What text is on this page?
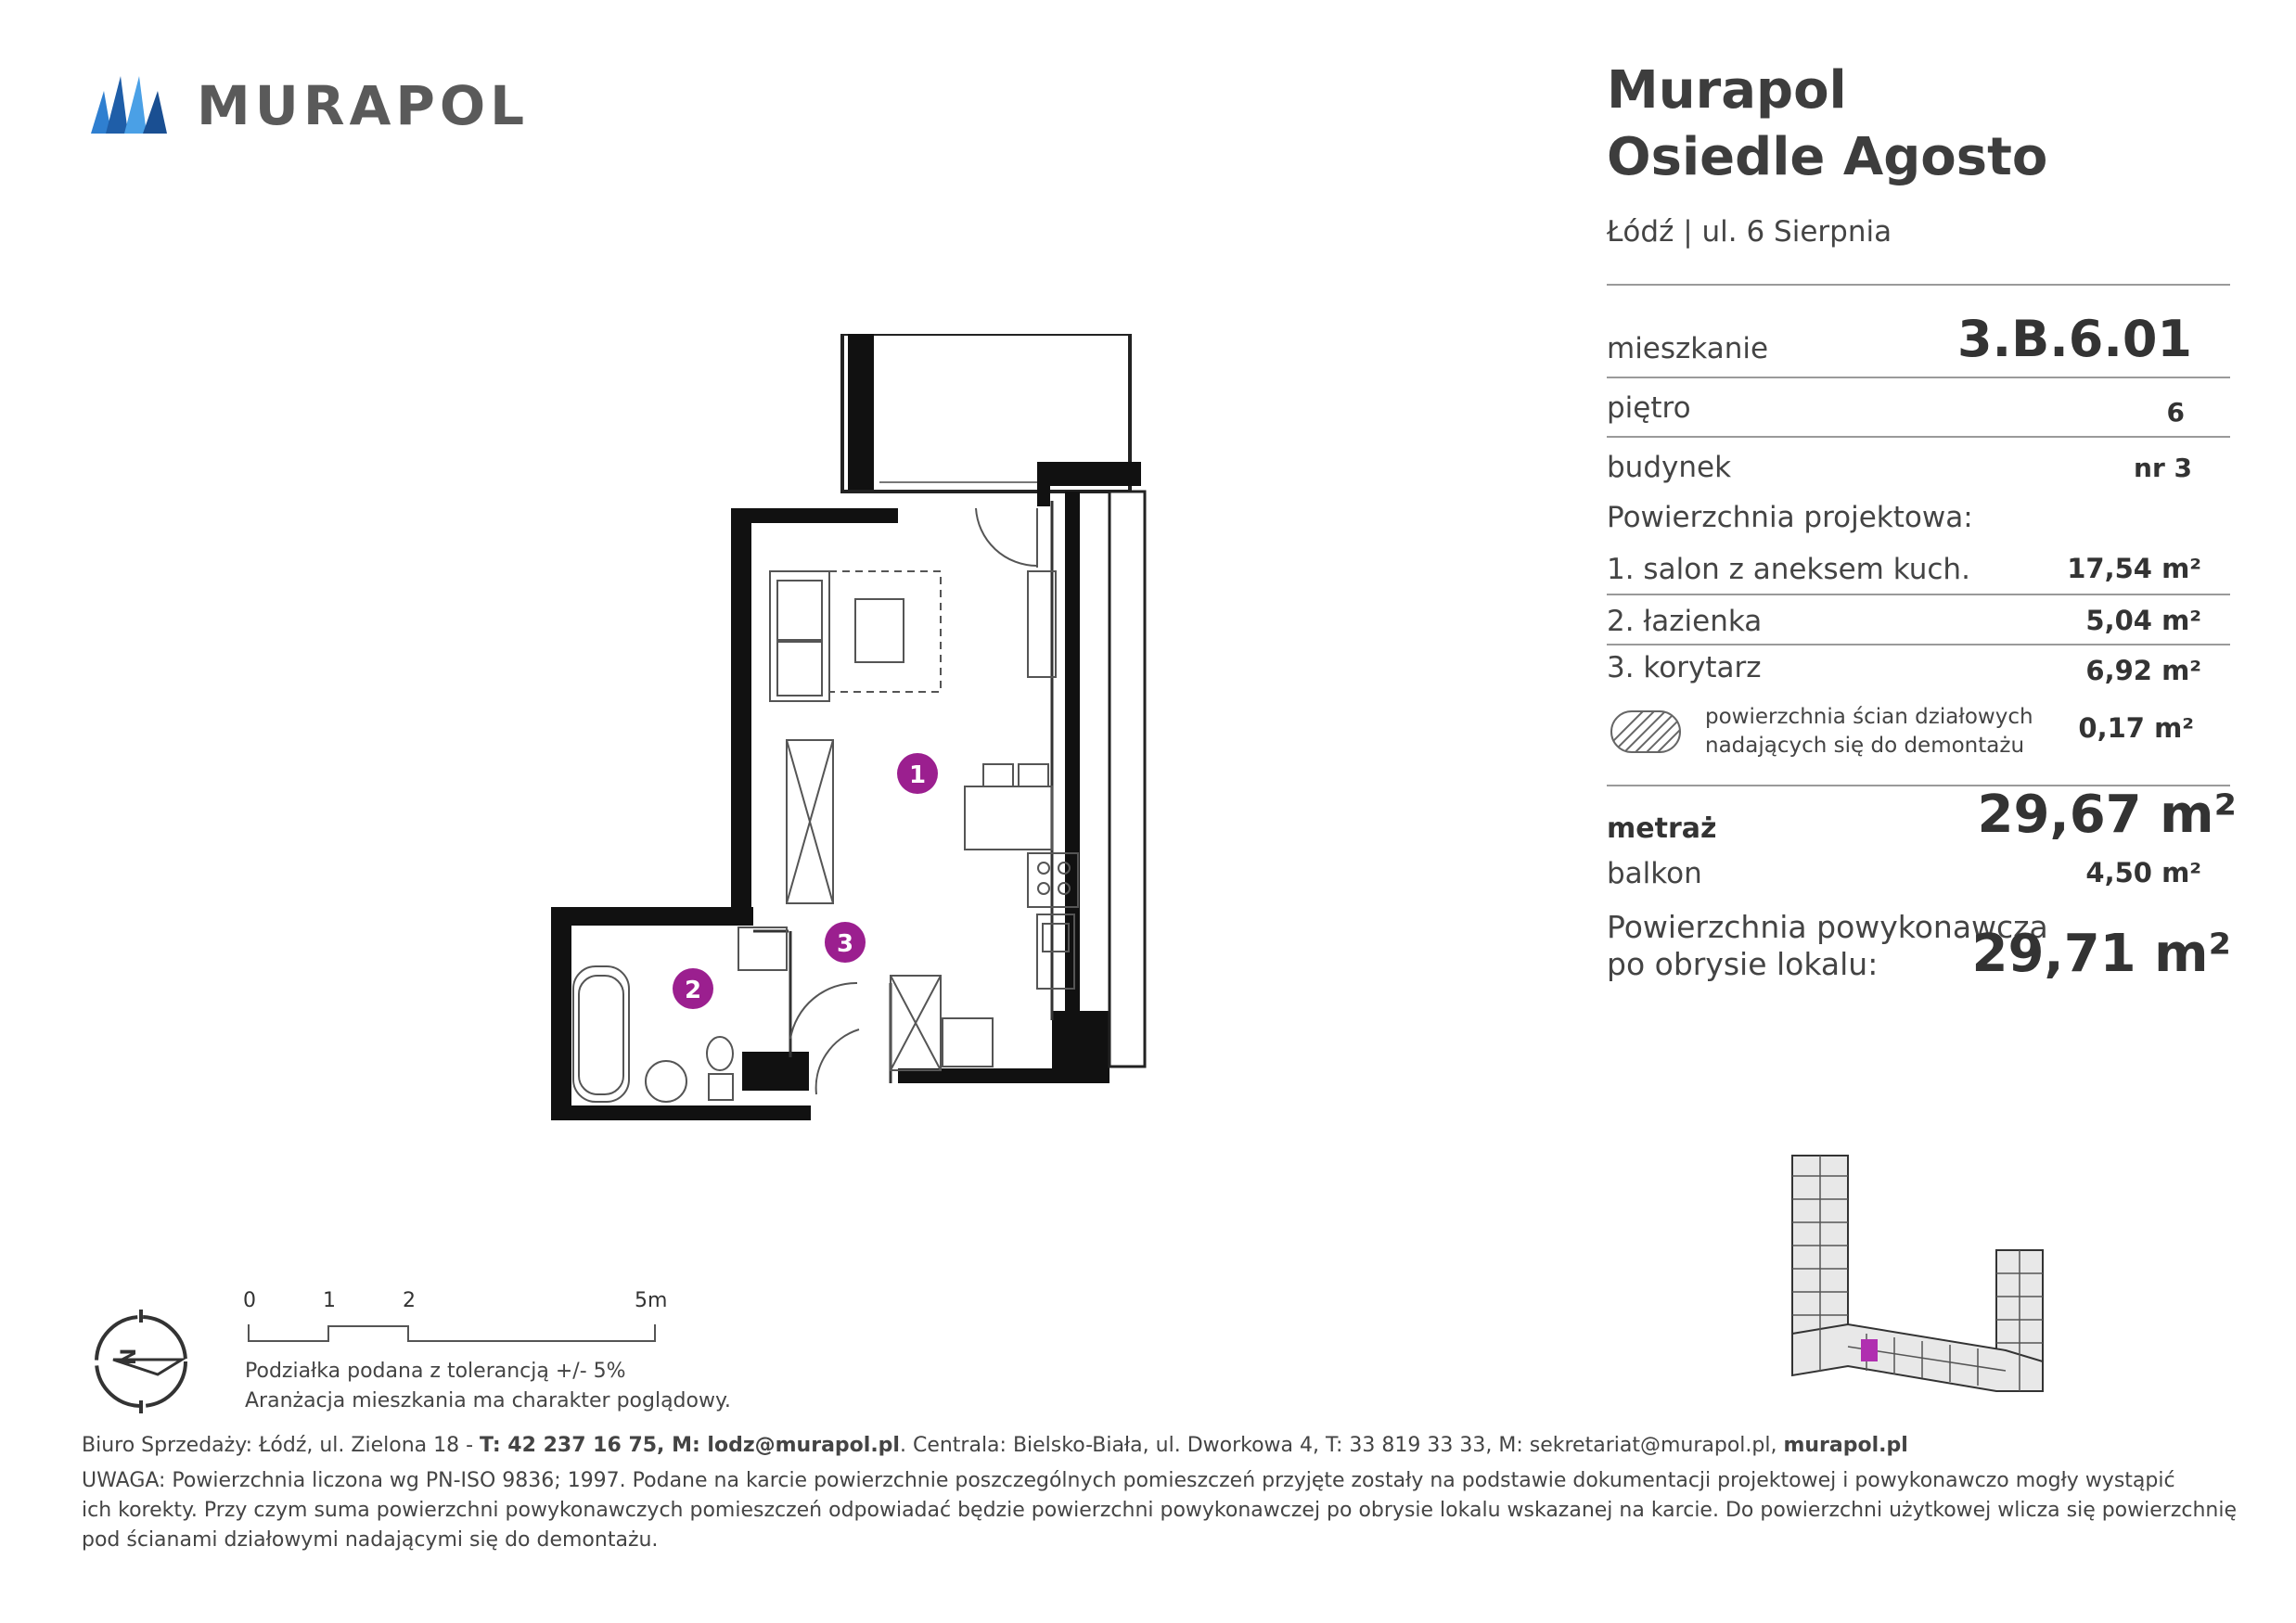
MURAPOL	Murapol
Osiedle Agosto
Łódź | ul. 6 Sierpnia
mieszkanie	3.B.6.01
piętro	6
budynek	nr 3
Powierzchnia projektowa:
1. salon z aneksem kuch.	17,54 m²
2. łazienka	5,04 m²
3. korytarz	6,92 m²
powierzchnia ścian działowych
nadających się do demontażu
0,17 m²
metraż	29,67 m²
balkon	4,50 m²
Powierzchnia powykonawcza
po obrysie lokalu:	29,71 m²
1
2
3
N
0	1	2	5m
Podziałka podana z tolerancją +/- 5%
Aranżacja mieszkania ma charakter poglądowy.
Biuro Sprzedaży: Łódź, ul. Zielona 18 - T: 42 237 16 75, M: lodz@murapol.pl. Centrala: Bielsko-Biała, ul. Dworkowa 4, T: 33 819 33 33, M: sekretariat@murapol.pl, murapol.pl
UWAGA: Powierzchnia liczona wg PN-ISO 9836; 1997. Podane na karcie powierzchnie poszczególnych pomieszczeń przyjęte zostały na podstawie dokumentacji projektowej i powykonawczo mogły wystąpić
ich korekty. Przy czym suma powierzchni powykonawczych pomieszczeń odpowiadać będzie powierzchni powykonawczej po obrysie lokalu wskazanej na karcie. Do powierzchni użytkowej wlicza się powierzchnię
pod ścianami działowymi nadającymi się do demontażu.
